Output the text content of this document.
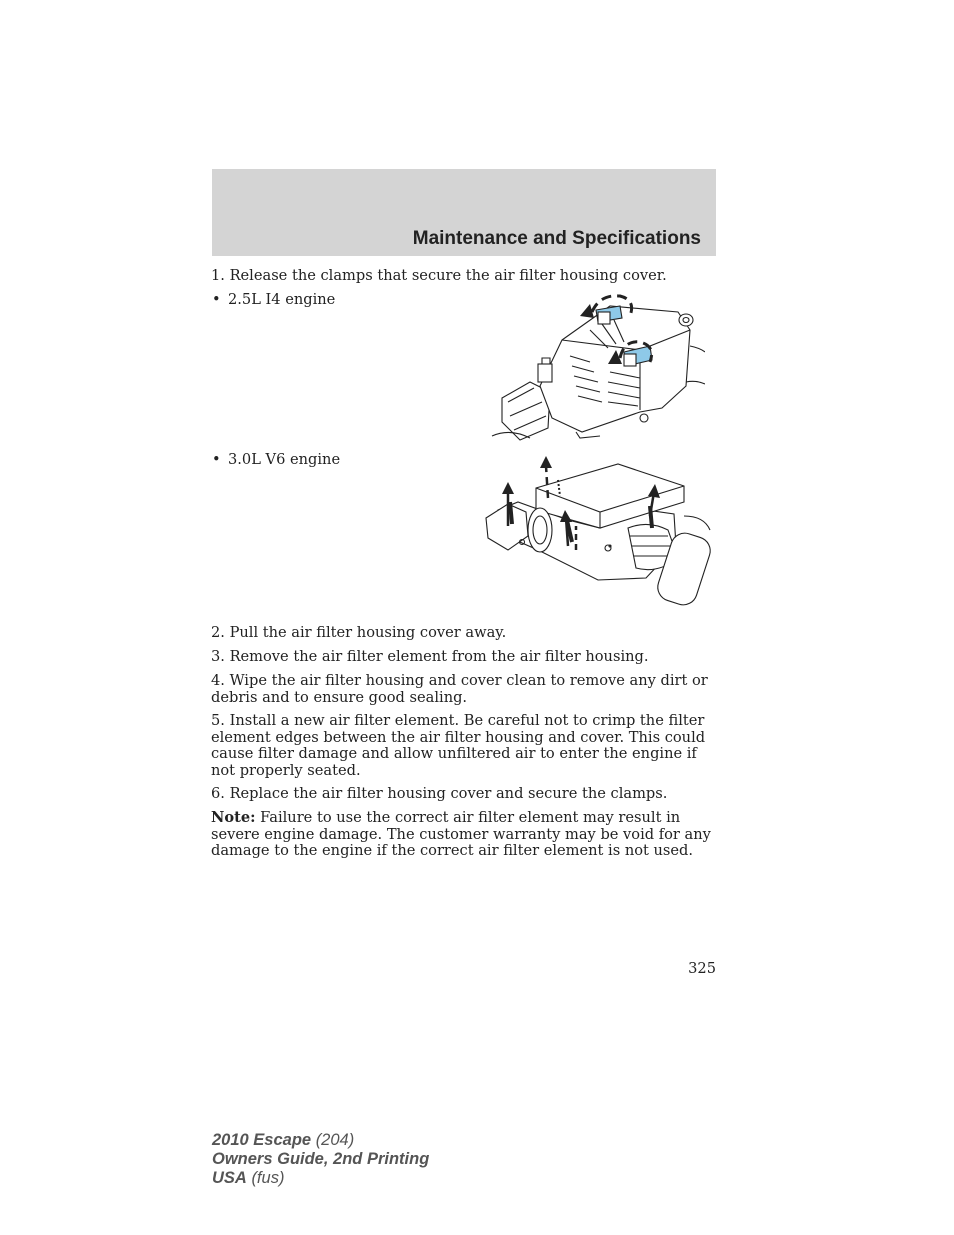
Maintenance and Specifications

1. Release the clamps that secure the air filter housing cover.

• 2.5L I4 engine

• 3.0L V6 engine

2. Pull the air filter housing cover away.

3. Remove the air filter element from the air filter housing.

4. Wipe the air filter housing and cover clean to remove any dirt or debris and to ensure good sealing.

5. Install a new air filter element. Be careful not to crimp the filter element edges between the air filter housing and cover. This could cause filter damage and allow unfiltered air to enter the engine if not properly seated.

6. Replace the air filter housing cover and secure the clamps.

Note: Failure to use the correct air filter element may result in severe engine damage. The customer warranty may be void for any damage to the engine if the correct air filter element is not used.

325

2010 Escape (204)
Owners Guide, 2nd Printing
USA (fus)
